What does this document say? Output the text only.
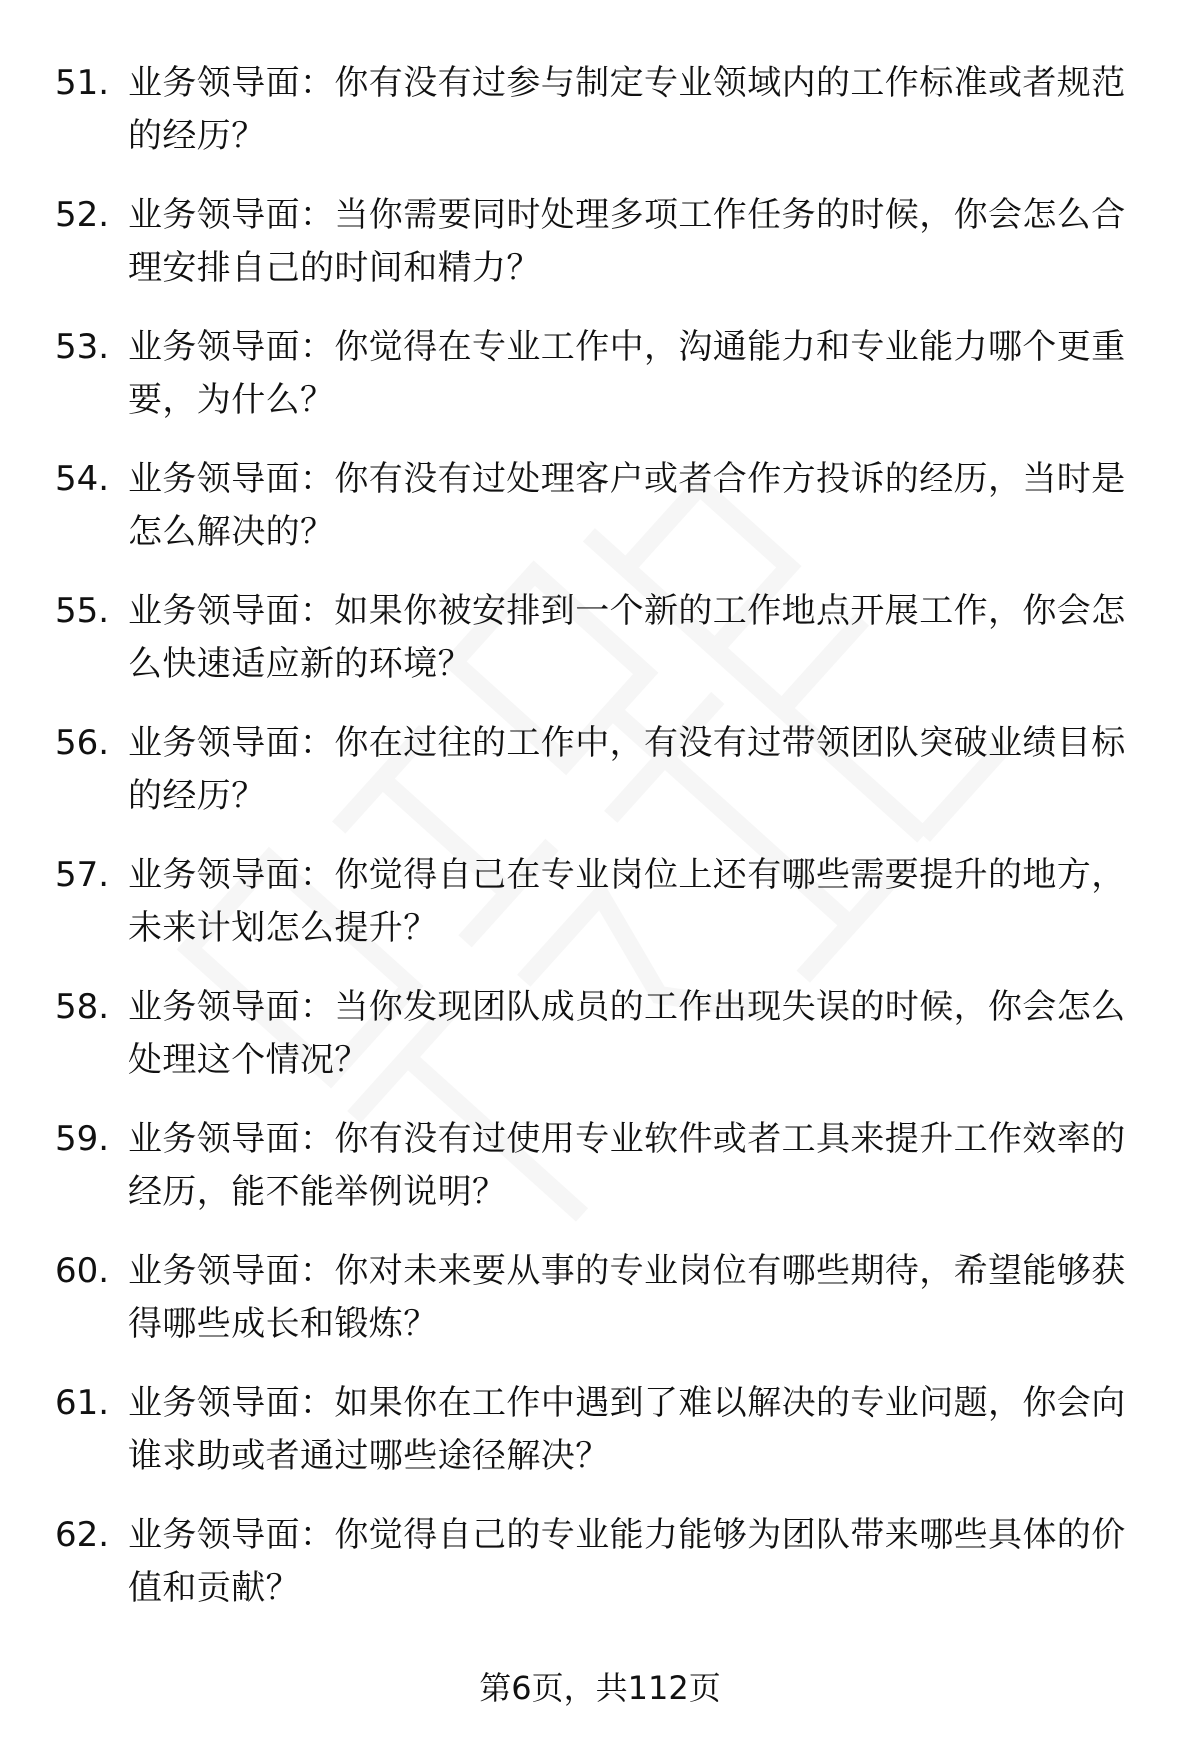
51. 业务领导面：你有没有过参与制定专业领域内的工作标准或者规范的经历？
52. 业务领导面：当你需要同时处理多项工作任务的时候，你会怎么合理安排自己的时间和精力？
53. 业务领导面：你觉得在专业工作中，沟通能力和专业能力哪个更重要，为什么？
54. 业务领导面：你有没有过处理客户或者合作方投诉的经历，当时是怎么解决的？
55. 业务领导面：如果你被安排到一个新的工作地点开展工作，你会怎么快速适应新的环境？
56. 业务领导面：你在过往的工作中，有没有过带领团队突破业绩目标的经历？
57. 业务领导面：你觉得自己在专业岗位上还有哪些需要提升的地方，未来计划怎么提升？
58. 业务领导面：当你发现团队成员的工作出现失误的时候，你会怎么处理这个情况？
59. 业务领导面：你有没有过使用专业软件或者工具来提升工作效率的经历，能不能举例说明？
60. 业务领导面：你对未来要从事的专业岗位有哪些期待，希望能够获得哪些成长和锻炼？
61. 业务领导面：如果你在工作中遇到了难以解决的专业问题，你会向谁求助或者通过哪些途径解决？
62. 业务领导面：你觉得自己的专业能力能够为团队带来哪些具体的价值和贡献？
第6页，共112页
